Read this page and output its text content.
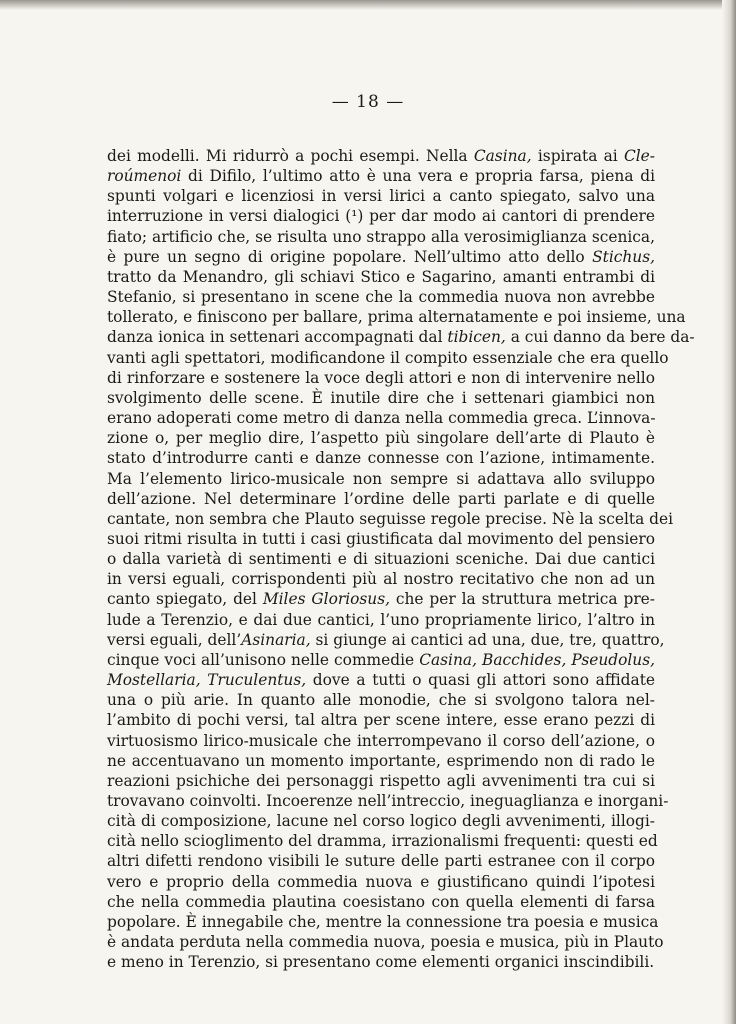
— 18 —
dei modelli. Mi ridurrò a pochi esempi. Nella Casina, ispirata ai Cle-
roúmenoi di Difilo, l’ultimo atto è una vera e propria farsa, piena di
spunti volgari e licenziosi in versi lirici a canto spiegato, salvo una
interruzione in versi dialogici (¹) per dar modo ai cantori di prendere
fiato; artificio che, se risulta uno strappo alla verosimiglianza scenica,
è pure un segno di origine popolare. Nell’ultimo atto dello Stichus,
tratto da Menandro, gli schiavi Stico e Sagarino, amanti entrambi di
Stefanio, si presentano in scene che la commedia nuova non avrebbe
tollerato, e finiscono per ballare, prima alternatamente e poi insieme, una
danza ionica in settenari accompagnati dal tibicen, a cui danno da bere da-
vanti agli spettatori, modificandone il compito essenziale che era quello
di rinforzare e sostenere la voce degli attori e non di intervenire nello
svolgimento delle scene. È inutile dire che i settenari giambici non
erano adoperati come metro di danza nella commedia greca. L’innova-
zione o, per meglio dire, l’aspetto più singolare dell’arte di Plauto è
stato d’introdurre canti e danze connesse con l’azione, intimamente.
Ma l’elemento lirico-musicale non sempre si adattava allo sviluppo
dell’azione. Nel determinare l’ordine delle parti parlate e di quelle
cantate, non sembra che Plauto seguisse regole precise. Nè la scelta dei
suoi ritmi risulta in tutti i casi giustificata dal movimento del pensiero
o dalla varietà di sentimenti e di situazioni sceniche. Dai due cantici
in versi eguali, corrispondenti più al nostro recitativo che non ad un
canto spiegato, del Miles Gloriosus, che per la struttura metrica pre-
lude a Terenzio, e dai due cantici, l’uno propriamente lirico, l’altro in
versi eguali, dell’Asinaria, si giunge ai cantici ad una, due, tre, quattro,
cinque voci all’unisono nelle commedie Casina, Bacchides, Pseudolus,
Mostellaria, Truculentus, dove a tutti o quasi gli attori sono affidate
una o più arie. In quanto alle monodie, che si svolgono talora nel-
l’ambito di pochi versi, tal altra per scene intere, esse erano pezzi di
virtuosismo lirico-musicale che interrompevano il corso dell’azione, o
ne accentuavano un momento importante, esprimendo non di rado le
reazioni psichiche dei personaggi rispetto agli avvenimenti tra cui si
trovavano coinvolti. Incoerenze nell’intreccio, ineguaglianza e inorgani-
cità di composizione, lacune nel corso logico degli avvenimenti, illogi-
cità nello scioglimento del dramma, irrazionalismi frequenti: questi ed
altri difetti rendono visibili le suture delle parti estranee con il corpo
vero e proprio della commedia nuova e giustificano quindi l’ipotesi
che nella commedia plautina coesistano con quella elementi di farsa
popolare. È innegabile che, mentre la connessione tra poesia e musica
è andata perduta nella commedia nuova, poesia e musica, più in Plauto
e meno in Terenzio, si presentano come elementi organici inscindibili.
